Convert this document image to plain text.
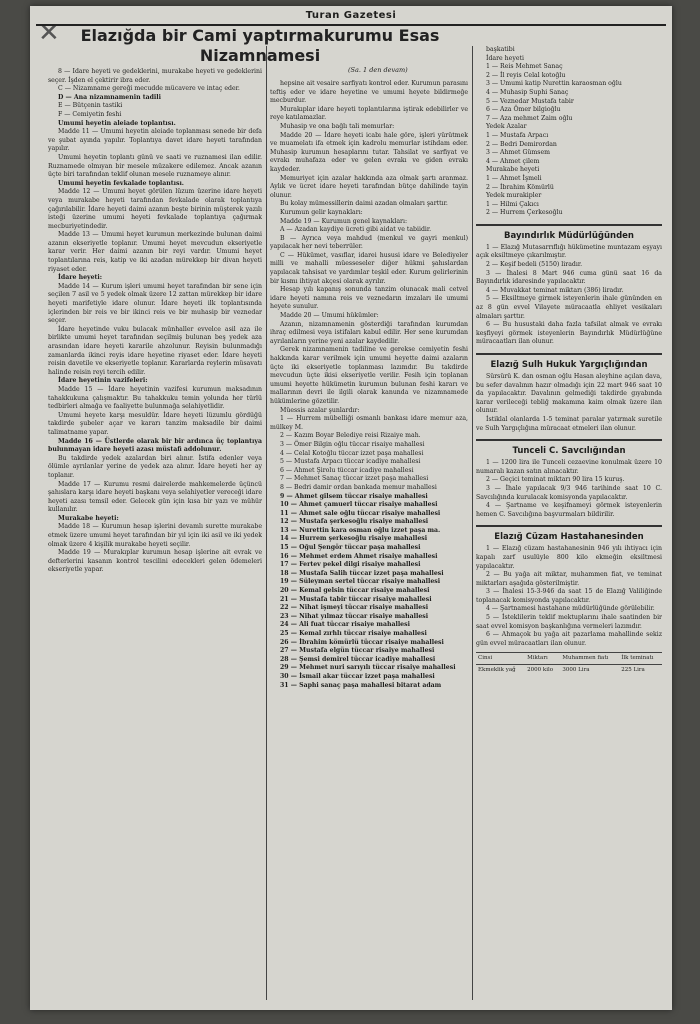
✕
Turan Gazetesi
Elazığda bir Cami yaptırmakurumu Esas Nizamnamesi
(Sa. 1 den devam)

8 — İdare heyeti ve gedeklerini, murakabe heyeti ve gedeklerini seçer. İşden el çektirir ibra eder.

C — Nizamname gereği mecudde mücavere ve intaç eder.

D — Ana nizamnamenin tadili

E — Bütçenin tastiki

F — Cemiyetin feshi

Umumi heyetin aleiade toplantısı.

Madde 11 — Umumi heyetin aleiade toplanması senede bir defa ve şubat ayında yapılır. Toplantıya davet idare heyeti tarafından yapılır.

Umumi heyetin toplantı günü ve saati ve ruznamesi ilan edilir. Ruznamede olmıyan bir mesele müzakere edilemez. Ancak azanın üçte biri tarafından teklif olunan mesele ruznameye alınır.

Umumi heyetin fevkalade toplantısı.

Madde 12 — Umumi heyet görülen lüzum üzerine idare heyeti veya murakabe heyeti tarafından fevkalade olarak toplantıya çağırılabilir. İdare heyeti daimi azanın beşte birinin müşterek yazılı isteği üzerine umumi heyeti fevkalade toplantıya çağırmak mecburiyetindedir.

Madde 13 — Umumi heyet kurumun merkezinde bulunan daimi azanın ekseriyetle toplanır. Umumi heyet mevcudun ekseriyetle karar verir. Her daimi azanın bir reyi vardır. Umumi heyet toplantılarına reis, katip ve iki azadan mürekkep bir divan heyeti riyaset eder.

İdare heyeti:

Madde 14 — Kurum işleri umumi heyet tarafından bir sene için seçilen 7 asil ve 5 yedek olmak üzere 12 zattan mürekkep bir idare heyeti marifetiyle idare olunur. İdare heyeti ilk toplantısında içlerinden bir reis ve bir ikinci reis ve bir muhasip bir veznedar seçer.

İdare heyetinde vuku bulacak münhaller evvelce asil aza ile birlikte umumi heyet tarafından seçilmiş bulunan beş yedek aza arasından idare heyeti kararile ahzolunur. Reyisin bulunmadığı zamanlarda ikinci reyis idare heyetine riyaset eder. İdare heyeti reisin davetile ve ekseriyetle toplanır. Kararlarda reylerin müsavatı halinde reisin reyi tercih edilir.

İdare heyetinin vazifeleri:

Madde 15 — İdare heyetinin vazifesi kurumun maksadının tahakkukuna çalışmaktır. Bu tahakkuku temin yolunda her türlü tedbirleri almağa ve faaliyette bulunmağa selahiyetlidir.

Umumi heyete karşı mesuldür. İdare heyeti lüzumlu gördüğü takdirde şubeler açar ve kararı tanzim maksadile bir daimi talimatname yapar.

Madde 16 — Üstlerde olarak bir bir ardınca üç toplantıya bulunmayan idare heyeti azası müstafi addolunur.

Bu takdirde yedek azalardan biri alınır. İstifa edenler veya ölümle ayrılanlar yerine de yedek aza alınır. İdare heyeti her ay toplanır.

Madde 17 — Kurumu resmi dairelerde mahkemelerde üçüncü şahıslara karşı idare heyeti başkanı veya selahiyetler vereceği idare heyeti azası temsil eder. Gelecek gün için kısa bir yazı ve mühür kullanılır.

Murakabe heyeti:

Madde 18 — Kurumun hesap işlerini devamlı surette murakabe etmek üzere umumi heyet tarafından bir yıl için iki asil ve iki yedek olmak üzere 4 kişilik murakabe heyeti seçilir.

Madde 19 — Murakıplar kurumun hesap işlerine ait evrak ve defterlerini kasanın kontrol tescilini edecekleri gelen ödemeleri ekseriyetle yapar.

hepsine ait vesaire sarfiyatı kontrol eder. Kurumun parasını teftiş eder ve idare heyetine ve umumi heyete bildirmeğe mecburdur.

Murakıplar idare heyeti toplantılarına iştirak edebilirler ve reye katılamazlar.

Muhasip ve ona bağlı tali memurlar:

Madde 20 — İdare heyeti icabı hale göre, işleri yürütmek ve muamelatı ifa etmek için kadrolu memurlar istihdam eder. Muhasip kurumun hesaplarını tutar. Tahsilat ve sarfiyat ve evrakı muhafaza eder ve gelen evrakı ve giden evrakı kaydeder.

Memuriyet için azalar hakkında aza olmak şartı aranmaz. Aylık ve ücret idare heyeti tarafından bütçe dahilinde tayin olunur.

Bu kolay mümessillerin daimi azadan olmaları şarttır.

Kurumun gelir kaynakları:

Madde 19 — Kurumun genel kaynakları:

A — Azadan kaydiye ücreti gibi aidat ve tabiidir.

B — Ayrıca veya mahdud (menkul ve gayri menkul) yapılacak her nevi teberrüler.

C — Hükümet, vasıflar, idarei hususi idare ve Belediyeler milli ve mahalli müesseseler diğer hükmi şahıslardan yapılacak tahsisat ve yardımlar teşkil eder. Kurum gelirlerinin bir kısmı ihtiyat akçesi olarak ayrılır.

Hesap yılı kapanış sonunda tanzim olunacak mali cetvel idare heyeti namına reis ve veznedarın imzaları ile umumi heyete sunulur.

Madde 20 — Umumi hükümler:

Azanın, nizamnamenin gösterdiği tarafından kurumdan ihraç edilmesi veya istifaları kabul edilir. Her sene kurumdan ayrılanların yerine yeni azalar kaydedilir.

Gerek nizamnamenin tadiline ve gerekse cemiyetin feshi hakkında karar verilmek için umumi heyette daimi azaların üçte iki ekseriyetle toplanması lazımdır. Bu takdirde mevcudun üçte ikisi ekseriyetle verilir. Fesih için toplanan umumi heyette hükümetin kurumun bulunan feshi kararı ve mallarının devri ile ilgili olarak kanunda ve nizamnamede hükümlerine gözetilir.

Müessis azalar şunlardır:

1 — Hurrem mübelliği osmanlı bankası idare memur aza, mülkey M.

2 — Kazım Boyar Belediye reisi Rizaiye mah.

3 — Ömer Bilgin oğlu tüccar risaiye mahallesi

4 — Celal Kotoğlu tüccar izzet paşa mahallesi

5 — Mustafa Arpacı tüccar icadiye mahallesi

6 — Ahmet Şirolu tüccar icadiye mahallesi

7 — Mehmet Sanaç tüccar izzet paşa mahallesi

8 — Bedri damir ordan bankada memur mahallesi

9 — Ahmet gilsem tüccar risaiye mahallesi

10 — Ahmet çamuerl tüccar risaiye mahallesi

11 — Ahmet sale oğlu tüccar risaiye mahallesi

12 — Mustafa şerkesoğlu risaiye mahallesi

13 — Nurettin kara osman oğlu izzet paşa ma.

14 — Hurrem şerkesoğlu risaiye mahallesi

15 — Oğul Şengör tüccar paşa mahallesi

16 — Mehmet erdem Ahmet risaiye mahallesi

17 — Fertev pekel dilgi risaiye mahallesi

18 — Mustafa Salih tüccar izzet paşa mahallesi

19 — Süleyman sertel tüccar risaiye mahallesi

20 — Kemal gelsin tüccar risaiye mahallesi

21 — Mustafa tabir tüccar risaiye mahallesi

22 — Nihat işmeyi tüccar risaiye mahallesi

23 — Nihat yılmaz tüccar risaiye mahallesi

24 — Ali fuat tüccar risaiye mahallesi

25 — Kemal zırhlı tüccar risaiye mahallesi

26 — İbrahim kömürlü tüccar risaiye mahallesi

27 — Mustafa elgün tüccar risaiye mahallesi

28 — Şemsi demirel tüccar icadiye mahallesi

29 — Mehmet nuri sarıyılı tüccar risaiye mahallesi

30 — İsmail akar tüccar izzet paşa mahallesi

31 — Saphi sanaç paşa mahallesi bitarat adam

başkatibi

İdare heyeti

1 — Reis Mehmet Sanaç

2 — İl reyis Celal kotoğlu

3 — Umumi katip Nurettin karaosman oğlu

4 — Muhasip Suphi Sanaç

5 — Veznedar Mustafa tabir

6 — Aza Ömer bilgioğlu

7 — Aza mehmet Zaim oğlu

Yedek Azalar

1 — Mustafa Arpacı

2 — Bedri Demirordan

3 — Ahmet Gümsem

4 — Ahmet çilem

Murakabe heyeti

1 — Ahmet İşmeli

2 — İbrahim Kömürlü

Yedek murakipler

1 — Hilmi Çakıcı

2 — Hurrem Çerkesoğlu

Bayındırlık Müdürlüğünden

1 — Elazığ Mutasarrıflığı hükümetine muntazam eşyayı açık eksiltmeye çıkarılmıştır.

2 — Keşif bedeli (5150) liradır.

3 — İhalesi 8 Mart 946 cuma günü saat 16 da Bayındırlık idaresinde yapılacaktır.

4 — Muvakkat teminat miktarı (386) liradır.

5 — Eksiltmeye girmek isteyenlerin ihale gününden en az 8 gün evvel Vilayete müracaatla ehliyet vesikaları almaları şarttır.

6 — Bu husustaki daha fazla tafsilat almak ve evrakı keşfiyeyi görmek isteyenlerin Bayındırlık Müdürlüğüne müracaatları ilan olunur.

Elazığ Sulh Hukuk Yargıçlığından

Sürsürü K. dan osman oğlu Hasan aleyhine açılan dava, bu sefer davalının hazır olmadığı için 22 mart 946 saat 10 da yapılacaktır. Davalının gelmediği takdirde gıyabında karar verileceği tebliğ makamına kaim olmak üzere ilan olunur.

İstiklal olanlarda 1-5 teminat paralar yatırmak suretile ve Sulh Yargıçlığına müracaat etmeleri ilan olunur.

Tunceli C. Savcılığından

1 — 1200 lira ile Tunceli cezaevine konulmak üzere 10 numaralı kazan satın alınacaktır.

2 — Geçici teminat miktarı 90 lira 15 kuruş.

3 — İhale yapılacak 9/3 946 tarihinde saat 10 C. Savcılığında kurulacak komisyonda yapılacaktır.

4 — Şartname ve keşifnameyi görmek isteyenlerin hemen C. Savcılığına başvurmaları bildirilir.

Elazığ Cüzam Hastahanesinden

1 — Elazığ cüzam hastahanesinin 946 yılı ihtiyacı için kapalı zarf usulüyle 800 kilo ekmeğin eksiltmesi yapılacaktır.

2 — Bu yağa ait miktar, muhammen fiat, ve teminat miktarları aşağıda gösterilmiştir.

3 — İhalesi 15-3-946 da saat 15 de Elazığ Valiliğinde toplanacak komisyonda yapılacaktır.

4 — Şartnamesi hastahane müdürlüğünde görülebilir.

5 — İsteklilerin teklif mektuplarını ihale saatinden bir saat evvel komisyon başkanlığına vermeleri lazımdır.

6 — Ahmaçok bu yağa ait pazarlama mahallinde sekiz gün evvel müracaatları ilan olunur.

Cinsi	Miktarı	Muhammen fiatı	İlk teminatı
Ekmeklik yağ	2000 kilo	3000 Lira	225 Lira
